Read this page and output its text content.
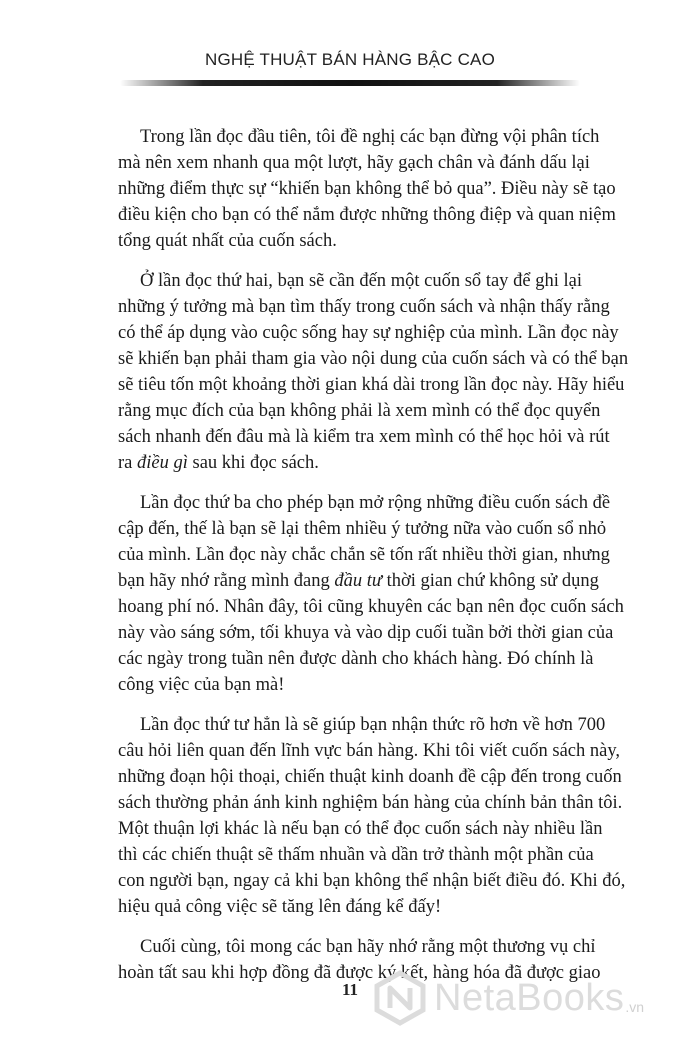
NGHỆ THUẬT BÁN HÀNG BẬC CAO
Trong lần đọc đầu tiên, tôi đề nghị các bạn đừng vội phân tích
mà nên xem nhanh qua một lượt, hãy gạch chân và đánh dấu lại
những điểm thực sự “khiến bạn không thể bỏ qua”. Điều này sẽ tạo
điều kiện cho bạn có thể nắm được những thông điệp và quan niệm
tổng quát nhất của cuốn sách.
Ở lần đọc thứ hai, bạn sẽ cần đến một cuốn sổ tay để ghi lại
những ý tưởng mà bạn tìm thấy trong cuốn sách và nhận thấy rằng
có thể áp dụng vào cuộc sống hay sự nghiệp của mình. Lần đọc này
sẽ khiến bạn phải tham gia vào nội dung của cuốn sách và có thể bạn
sẽ tiêu tốn một khoảng thời gian khá dài trong lần đọc này. Hãy hiểu
rằng mục đích của bạn không phải là xem mình có thể đọc quyển
sách nhanh đến đâu mà là kiểm tra xem mình có thể học hỏi và rút
ra điều gì sau khi đọc sách.
Lần đọc thứ ba cho phép bạn mở rộng những điều cuốn sách đề
cập đến, thế là bạn sẽ lại thêm nhiều ý tưởng nữa vào cuốn sổ nhỏ
của mình. Lần đọc này chắc chắn sẽ tốn rất nhiều thời gian, nhưng
bạn hãy nhớ rằng mình đang đầu tư thời gian chứ không sử dụng
hoang phí nó. Nhân đây, tôi cũng khuyên các bạn nên đọc cuốn sách
này vào sáng sớm, tối khuya và vào dịp cuối tuần bởi thời gian của
các ngày trong tuần nên được dành cho khách hàng. Đó chính là
công việc của bạn mà!
Lần đọc thứ tư hẳn là sẽ giúp bạn nhận thức rõ hơn về hơn 700
câu hỏi liên quan đến lĩnh vực bán hàng. Khi tôi viết cuốn sách này,
những đoạn hội thoại, chiến thuật kinh doanh đề cập đến trong cuốn
sách thường phản ánh kinh nghiệm bán hàng của chính bản thân tôi.
Một thuận lợi khác là nếu bạn có thể đọc cuốn sách này nhiều lần
thì các chiến thuật sẽ thấm nhuần và dần trở thành một phần của
con người bạn, ngay cả khi bạn không thể nhận biết điều đó. Khi đó,
hiệu quả công việc sẽ tăng lên đáng kể đấy!
Cuối cùng, tôi mong các bạn hãy nhớ rằng một thương vụ chỉ
hoàn tất sau khi hợp đồng đã được ký kết, hàng hóa đã được giao
11	NetaBooks .vn
